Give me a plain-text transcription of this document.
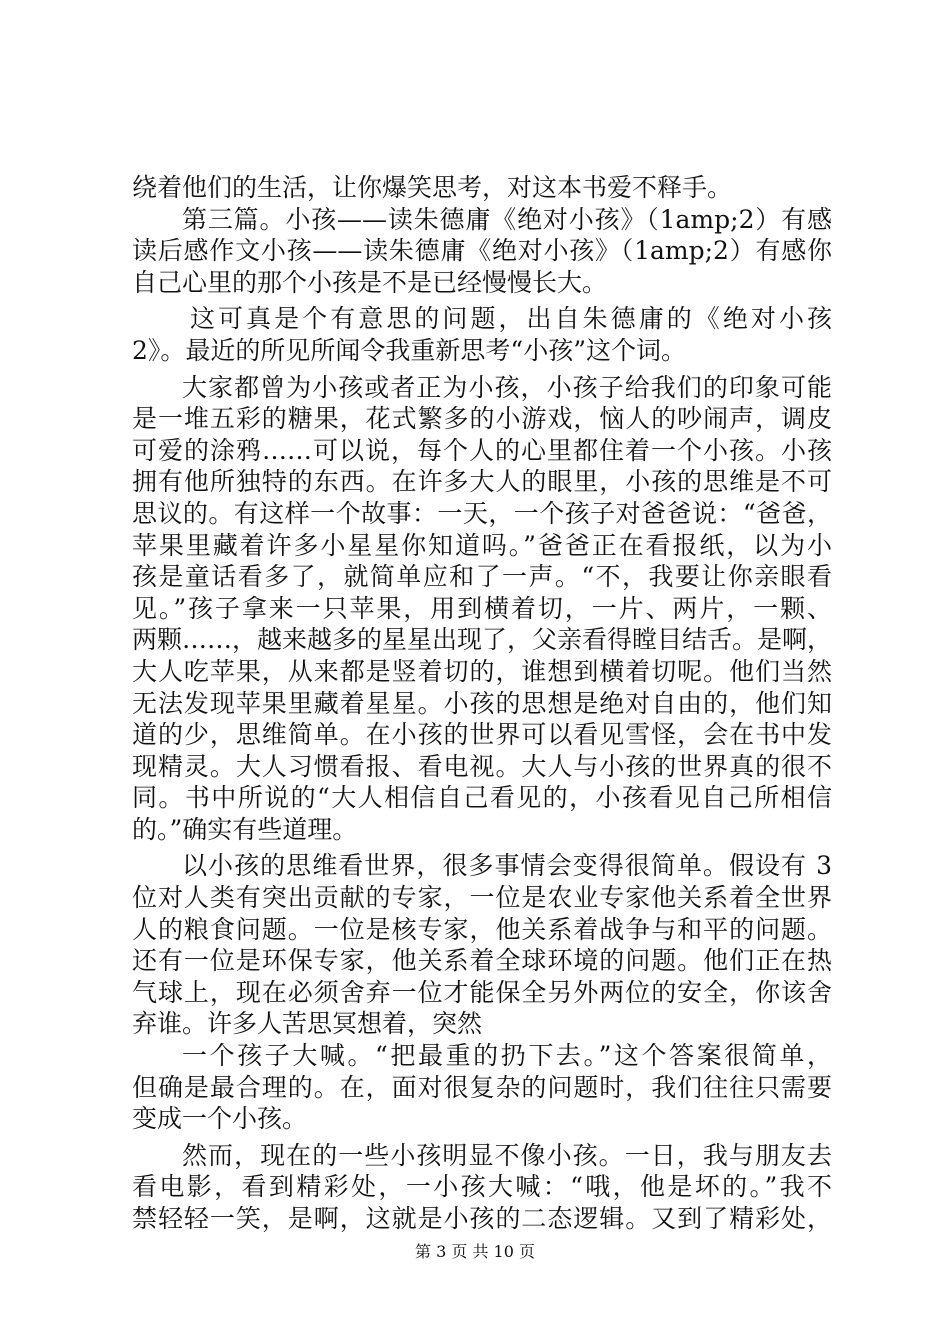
绕着他们的生活，让你爆笑思考，对这本书爱不释手。
第三篇。小孩——读朱德庸《绝对小孩》（1amp;2）有感
读后感作文小孩——读朱德庸《绝对小孩》（1amp;2）有感你
自己心里的那个小孩是不是已经慢慢长大。
这可真是个有意思的问题，出自朱德庸的《绝对小孩
2》。最近的所见所闻令我重新思考“小孩”这个词。
大家都曾为小孩或者正为小孩，小孩子给我们的印象可能
是一堆五彩的糖果，花式繁多的小游戏，恼人的吵闹声，调皮
可爱的涂鸦……可以说，每个人的心里都住着一个小孩。小孩
拥有他所独特的东西。在许多大人的眼里，小孩的思维是不可
思议的。有这样一个故事：一天，一个孩子对爸爸说：“爸爸，
苹果里藏着许多小星星你知道吗。”爸爸正在看报纸，以为小
孩是童话看多了，就简单应和了一声。“不，我要让你亲眼看
见。”孩子拿来一只苹果，用到横着切，一片、两片，一颗、
两颗……，越来越多的星星出现了，父亲看得瞠目结舌。是啊，
大人吃苹果，从来都是竖着切的，谁想到横着切呢。他们当然
无法发现苹果里藏着星星。小孩的思想是绝对自由的，他们知
道的少，思维简单。在小孩的世界可以看见雪怪，会在书中发
现精灵。大人习惯看报、看电视。大人与小孩的世界真的很不
同。书中所说的“大人相信自己看见的，小孩看见自己所相信
的。”确实有些道理。
以小孩的思维看世界，很多事情会变得很简单。假设有 3
位对人类有突出贡献的专家，一位是农业专家他关系着全世界
人的粮食问题。一位是核专家，他关系着战争与和平的问题。
还有一位是环保专家，他关系着全球环境的问题。他们正在热
气球上，现在必须舍弃一位才能保全另外两位的安全，你该舍
弃谁。许多人苦思冥想着，突然
一个孩子大喊。“把最重的扔下去。”这个答案很简单，
但确是最合理的。在，面对很复杂的问题时，我们往往只需要
变成一个小孩。
然而，现在的一些小孩明显不像小孩。一日，我与朋友去
看电影，看到精彩处，一小孩大喊：“哦，他是坏的。”我不
禁轻轻一笑，是啊，这就是小孩的二态逻辑。又到了精彩处，
第 3 页 共 10 页
